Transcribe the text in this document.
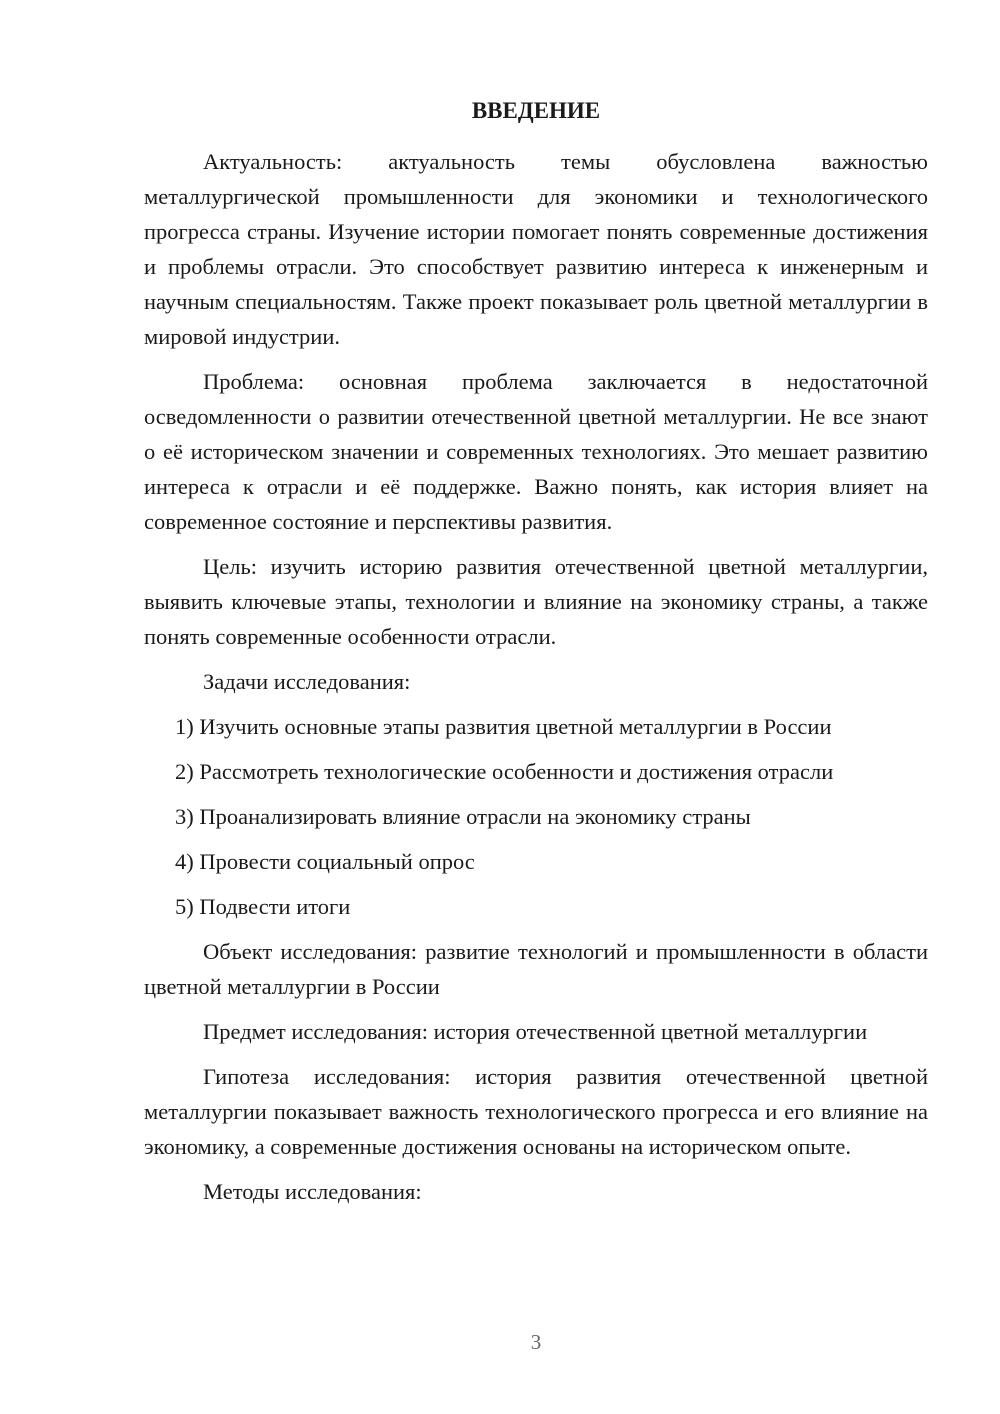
ВВЕДЕНИЕ

Актуальность: актуальность темы обусловлена важностью металлургической промышленности для экономики и технологического прогресса страны. Изучение истории помогает понять современные достижения и проблемы отрасли. Это способствует развитию интереса к инженерным и научным специальностям. Также проект показывает роль цветной металлургии в мировой индустрии.

Проблема: основная проблема заключается в недостаточной осведомленности о развитии отечественной цветной металлургии. Не все знают о её историческом значении и современных технологиях. Это мешает развитию интереса к отрасли и её поддержке. Важно понять, как история влияет на современное состояние и перспективы развития.

Цель: изучить историю развития отечественной цветной металлургии, выявить ключевые этапы, технологии и влияние на экономику страны, а также понять современные особенности отрасли.

Задачи исследования:

1) Изучить основные этапы развития цветной металлургии в России
2) Рассмотреть технологические особенности и достижения отрасли
3) Проанализировать влияние отрасли на экономику страны
4) Провести социальный опрос
5) Подвести итоги

Объект исследования: развитие технологий и промышленности в области цветной металлургии в России

Предмет исследования: история отечественной цветной металлургии

Гипотеза исследования: история развития отечественной цветной металлургии показывает важность технологического прогресса и его влияние на экономику, а современные достижения основаны на историческом опыте.

Методы исследования:

3
